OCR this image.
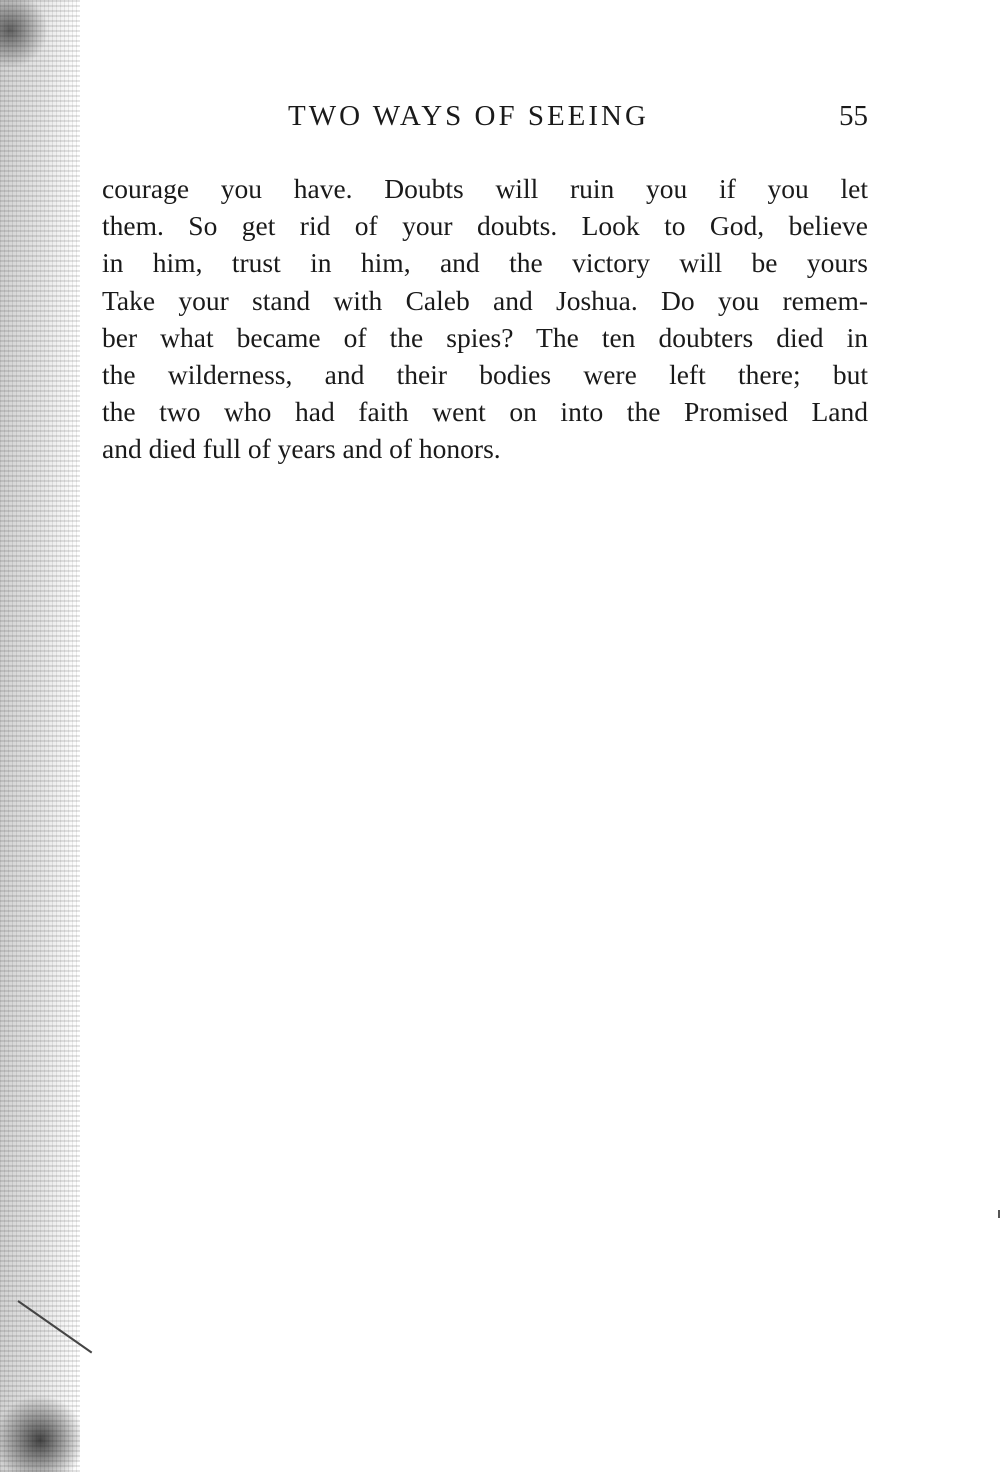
TWO WAYS OF SEEING	55
courage you have. Doubts will ruin you if you let
them. So get rid of your doubts. Look to God, believe
in him, trust in him, and the victory will be yours
Take your stand with Caleb and Joshua. Do you remem-
ber what became of the spies? The ten doubters died in
the wilderness, and their bodies were left there; but
the two who had faith went on into the Promised Land
and died full of years and of honors.
